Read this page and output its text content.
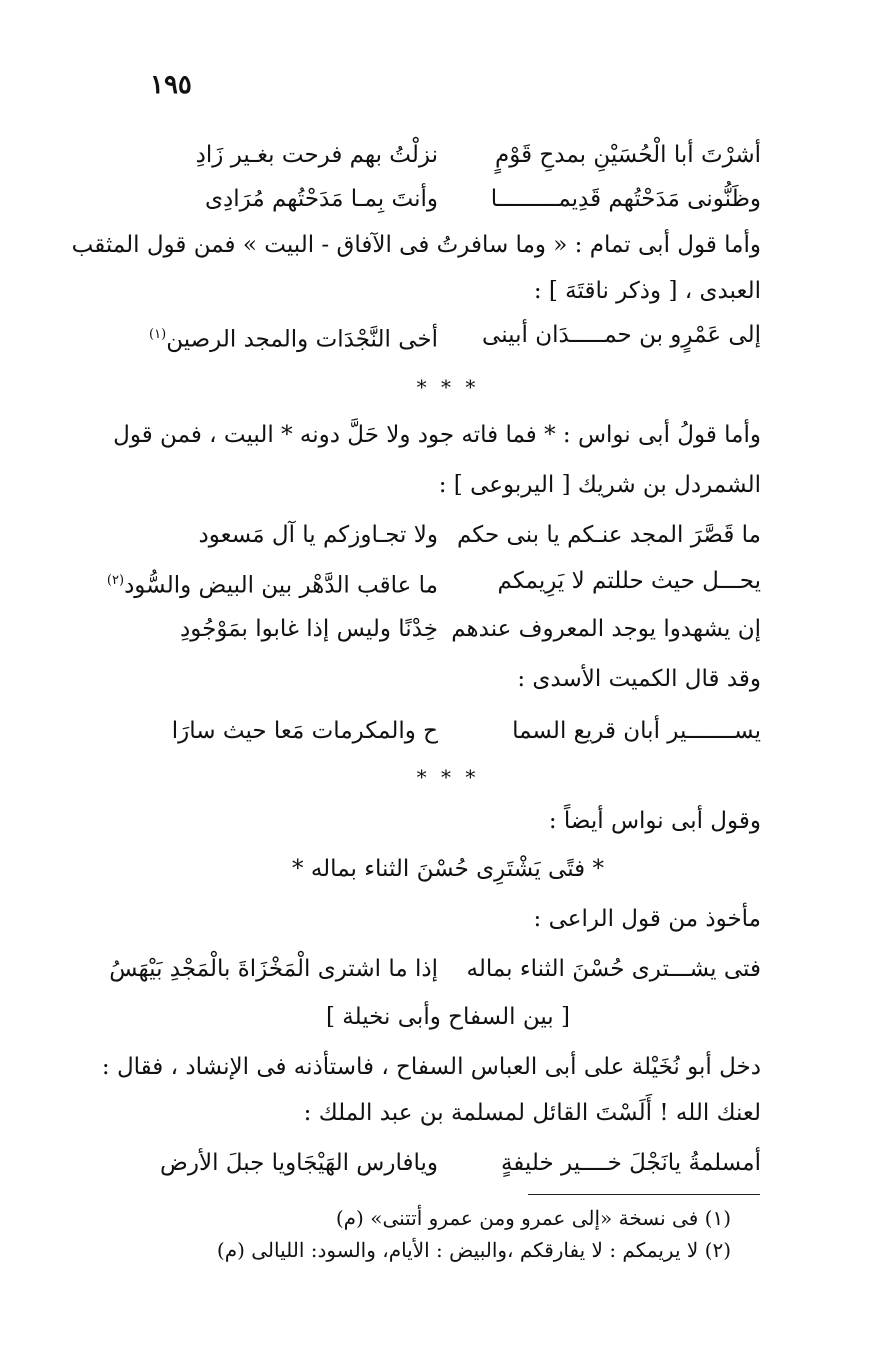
١٩٥
أشرْتَ أبا الْحُسَيْنِ بمدحِ قَوْمٍ
نزلْتُ بهم فرحت بغـير زَادِ
وظَنُّونى مَدَحْتُهم قَدِيمـــــــــا
وأنتَ بِمـا مَدَحْتُهم مُرَادِى
وأما قول أبى تمام : « وما سافرتُ فى الآفاق - البيت » فمن قول المثقب
العبدى ، [ وذكر ناقتَهَ ] :
إلى عَمْرٍو بن حمـــــدَان أبينى
أخى النَّجْدَات والمجد الرصين$^{(١)}$
* * *
وأما قولُ أبى نواس : * فما فاته جود ولا حَلَّ دونه * البيت ، فمن قول
الشمردل بن شريك [ اليربوعى ] :
ما قَصَّرَ المجد عنـكم يا بنى حكم
ولا تجـاوزكم يا آل مَسعود
يحـــل حيث حللتم لا يَرِيمكم
ما عاقب الدَّهْر بين البيض والسُّود$^{(٢)}$
إن يشهدوا يوجد المعروف عندهم
خِدْنًا وليس إذا غابوا بمَوْجُودِ
وقد قال الكميت الأسدى :
يســـــــير أبان قريع السما
ح والمكرمات مَعا حيث سارَا
* * *
وقول أبى نواس أيضاً :
* فتًى يَشْتَرِى حُسْنَ الثناء بماله *
مأخوذ من قول الراعى :
فتى يشـــترى حُسْنَ الثناء بماله
إذا ما اشترى الْمَخْزَاةَ بالْمَجْدِ بَيْهَسُ
[ بين السفاح وأبى نخيلة ]
دخل أبو نُخَيْلة على أبى العباس السفاح ، فاستأذنه فى الإنشاد ، فقال :
لعنك الله ! أَلَسْتَ القائل لمسلمة بن عبد الملك :
أمسلمةُ يانَجْلَ خــــير خليفةٍ
ويافارس الهَيْجَاويا جبلَ الأرض
(١) فى نسخة «إلى عمرو ومن عمرو أتتنى» (م)
(٢) لا يريمكم : لا يفارقكم ،والبيض : الأيام، والسود: الليالى (م)
